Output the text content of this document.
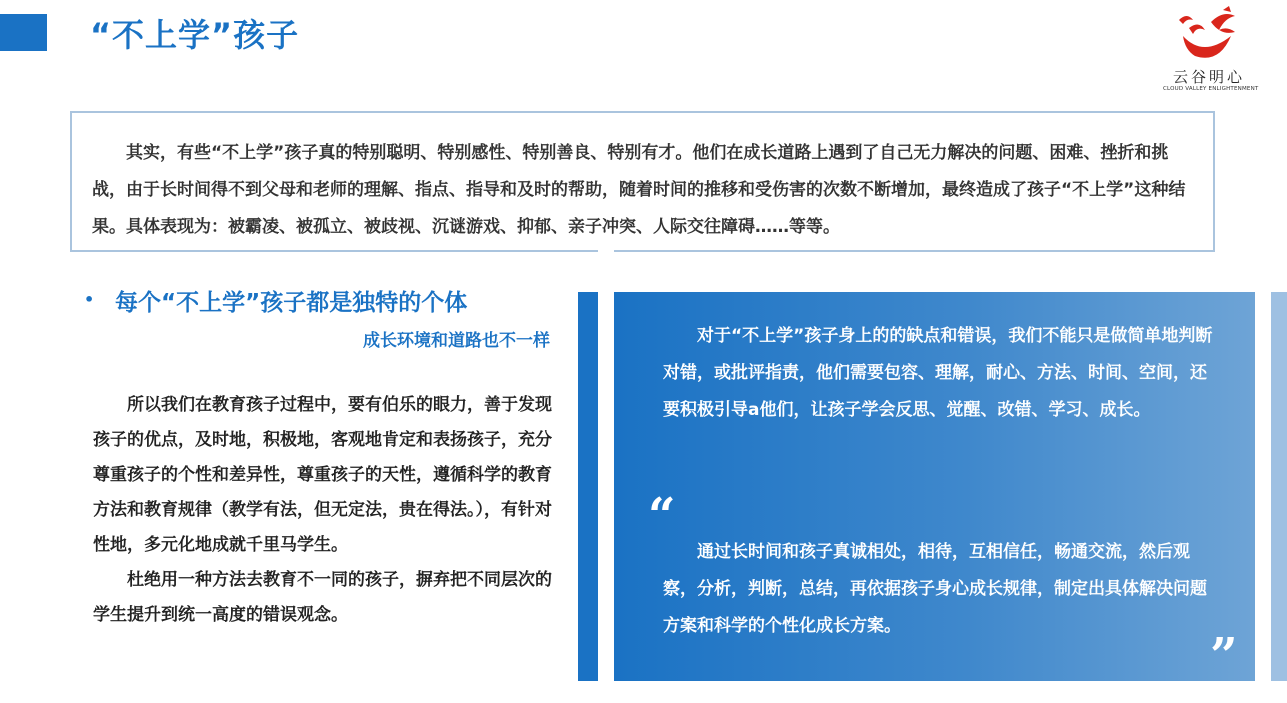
“不上学”孩子
云谷明心
CLOUD VALLEY ENLIGHTENMENT

其实，有些“不上学”孩子真的特别聪明、特别感性、特别善良、特别有才。他们在成长道路上遇到了自己无力解决的问题、困难、挫折和挑战，由于长时间得不到父母和老师的理解、指点、指导和及时的帮助，随着时间的推移和受伤害的次数不断增加，最终造成了孩子“不上学”这种结果。具体表现为：被霸凌、被孤立、被歧视、沉谜游戏、抑郁、亲子冲突、人际交往障碍……等等。

• 每个“不上学”孩子都是独特的个体
成长环境和道路也不一样

所以我们在教育孩子过程中，要有伯乐的眼力，善于发现孩子的优点，及时地，积极地，客观地肯定和表扬孩子，充分尊重孩子的个性和差异性，尊重孩子的天性，遵循科学的教育方法和教育规律（教学有法，但无定法，贵在得法。），有针对性地，多元化地成就千里马学生。

杜绝用一种方法去教育不一同的孩子，摒弃把不同层次的学生提升到统一高度的错误观念。

对于“不上学”孩子身上的的缺点和错误，我们不能只是做简单地判断对错，或批评指责，他们需要包容、理解，耐心、方法、时间、空间，还要积极引导a他们，让孩子学会反思、觉醒、改错、学习、成长。

“

通过长时间和孩子真诚相处，相待，互相信任，畅通交流，然后观察，分析，判断，总结，再依据孩子身心成长规律，制定出具体解决问题方案和科学的个性化成长方案。

”
